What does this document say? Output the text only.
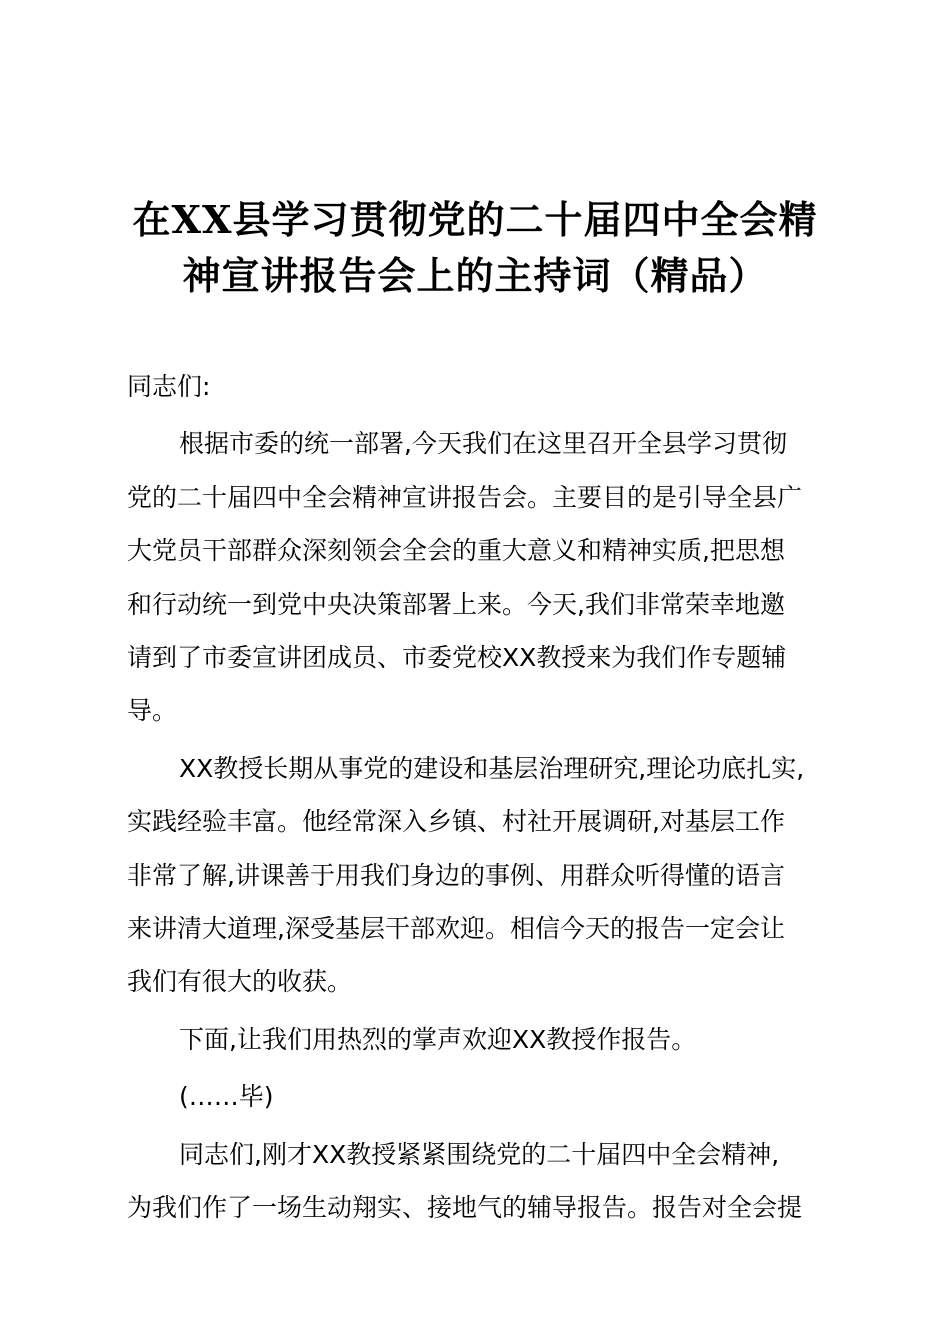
在XX县学习贯彻党的二十届四中全会精
神宣讲报告会上的主持词（精品）

同志们:

根据市委的统一部署,今天我们在这里召开全县学习贯彻
党的二十届四中全会精神宣讲报告会。主要目的是引导全县广
大党员干部群众深刻领会全会的重大意义和精神实质,把思想
和行动统一到党中央决策部署上来。今天,我们非常荣幸地邀
请到了市委宣讲团成员、市委党校XX教授来为我们作专题辅
导。

XX教授长期从事党的建设和基层治理研究,理论功底扎实,
实践经验丰富。他经常深入乡镇、村社开展调研,对基层工作
非常了解,讲课善于用我们身边的事例、用群众听得懂的语言
来讲清大道理,深受基层干部欢迎。相信今天的报告一定会让
我们有很大的收获。

下面,让我们用热烈的掌声欢迎XX教授作报告。

(……毕)

同志们,刚才XX教授紧紧围绕党的二十届四中全会精神,
为我们作了一场生动翔实、接地气的辅导报告。报告对全会提
